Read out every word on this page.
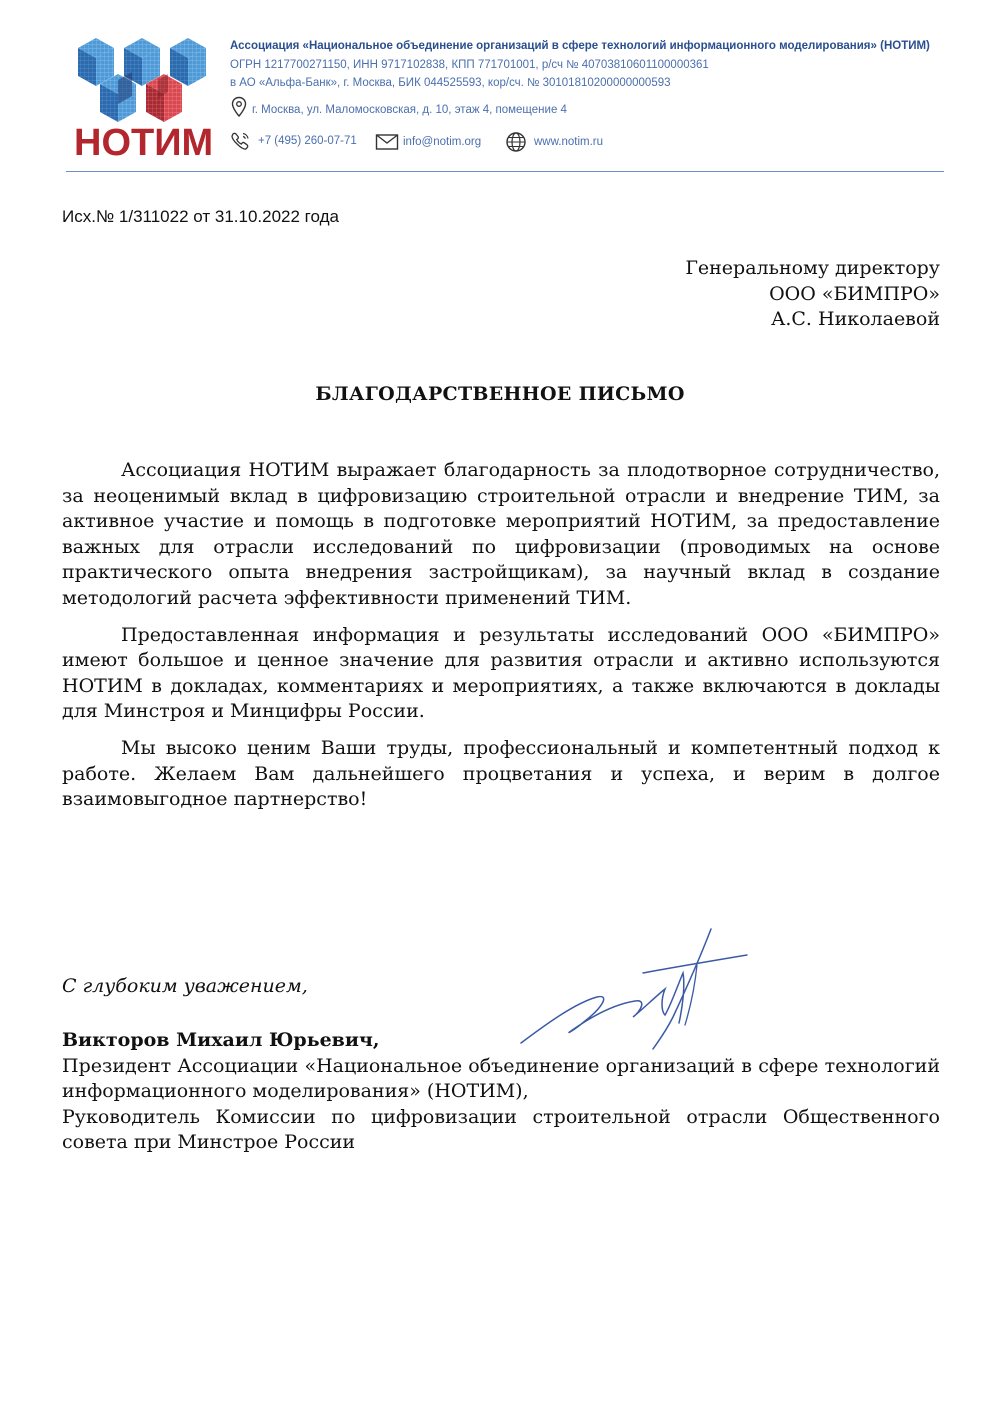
НОТИМ
Ассоциация «Национальное объединение организаций в сфере технологий информационного моделирования» (НОТИМ)
ОГРН 1217700271150, ИНН 9717102838, КПП 771701001, р/сч № 40703810601100000361
в АО «Альфа-Банк», г. Москва, БИК 044525593, кор/сч. № 30101810200000000593
г. Москва, ул. Маломосковская, д. 10, этаж 4, помещение 4
+7 (495) 260-07-71	info@notim.org	www.notim.ru
Исх.№ 1/311022 от 31.10.2022 года
Генеральному директору
ООО «БИМПРО»
А.С. Николаевой
БЛАГОДАРСТВЕННОЕ ПИСЬМО

Ассоциация НОТИМ выражает благодарность за плодотворное сотрудничество, за неоценимый вклад в цифровизацию строительной отрасли и внедрение ТИМ, за активное участие и помощь в подготовке мероприятий НОТИМ, за предоставление важных для отрасли исследований по цифровизации (проводимых на основе практического опыта внедрения застройщикам), за научный вклад в создание методологий расчета эффективности применений ТИМ.

Предоставленная информация и результаты исследований ООО «БИМПРО» имеют большое и ценное значение для развития отрасли и активно используются НОТИМ в докладах, комментариях и мероприятиях, а также включаются в доклады для Минстроя и Минцифры России.

Мы высоко ценим Ваши труды, профессиональный и компетентный подход к работе. Желаем Вам дальнейшего процветания и успеха, и верим в долгое взаимовыгодное партнерство!

С глубоким уважением,

Викторов Михаил Юрьевич,

Президент Ассоциации «Национальное объединение организаций в сфере технологий информационного моделирования» (НОТИМ),

Руководитель Комиссии по цифровизации строительной отрасли Общественного совета при Минстрое России
